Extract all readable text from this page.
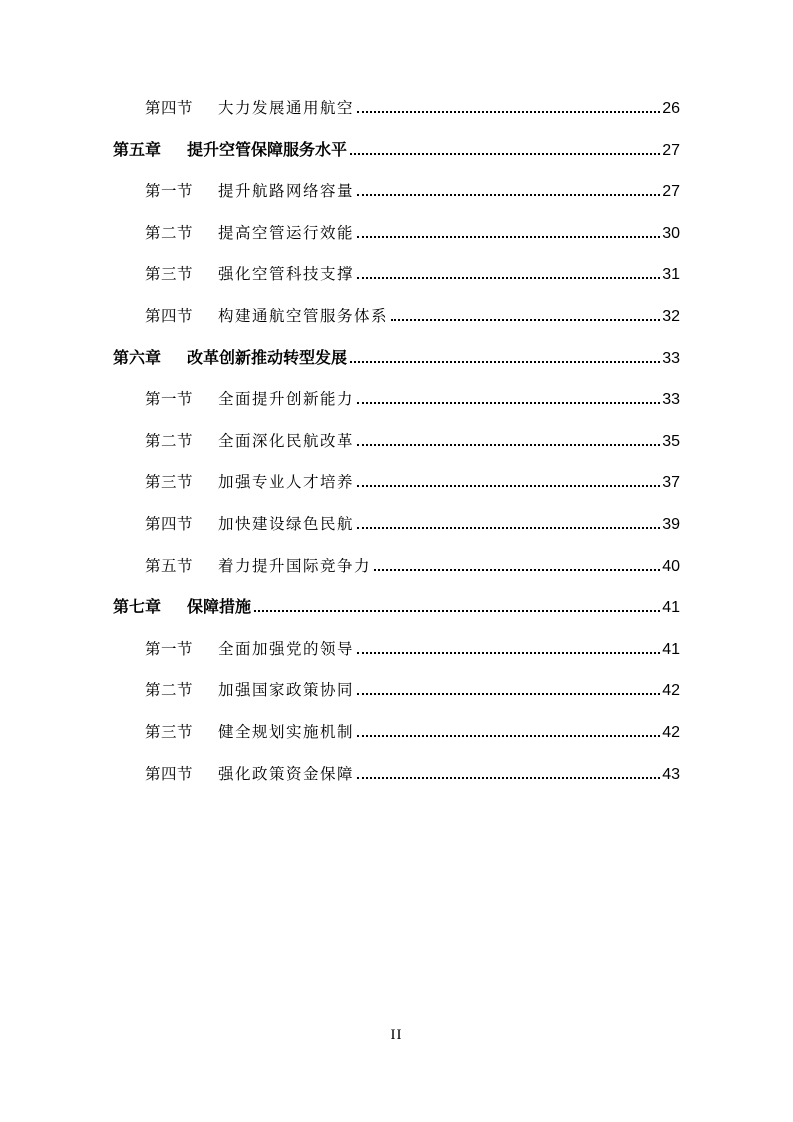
第四节	大力发展通用航空	26
第五章	提升空管保障服务水平	27
第一节	提升航路网络容量	27
第二节	提高空管运行效能	30
第三节	强化空管科技支撑	31
第四节	构建通航空管服务体系	32
第六章	改革创新推动转型发展	33
第一节	全面提升创新能力	33
第二节	全面深化民航改革	35
第三节	加强专业人才培养	37
第四节	加快建设绿色民航	39
第五节	着力提升国际竞争力	40
第七章	保障措施	41
第一节	全面加强党的领导	41
第二节	加强国家政策协同	42
第三节	健全规划实施机制	42
第四节	强化政策资金保障	43
II
